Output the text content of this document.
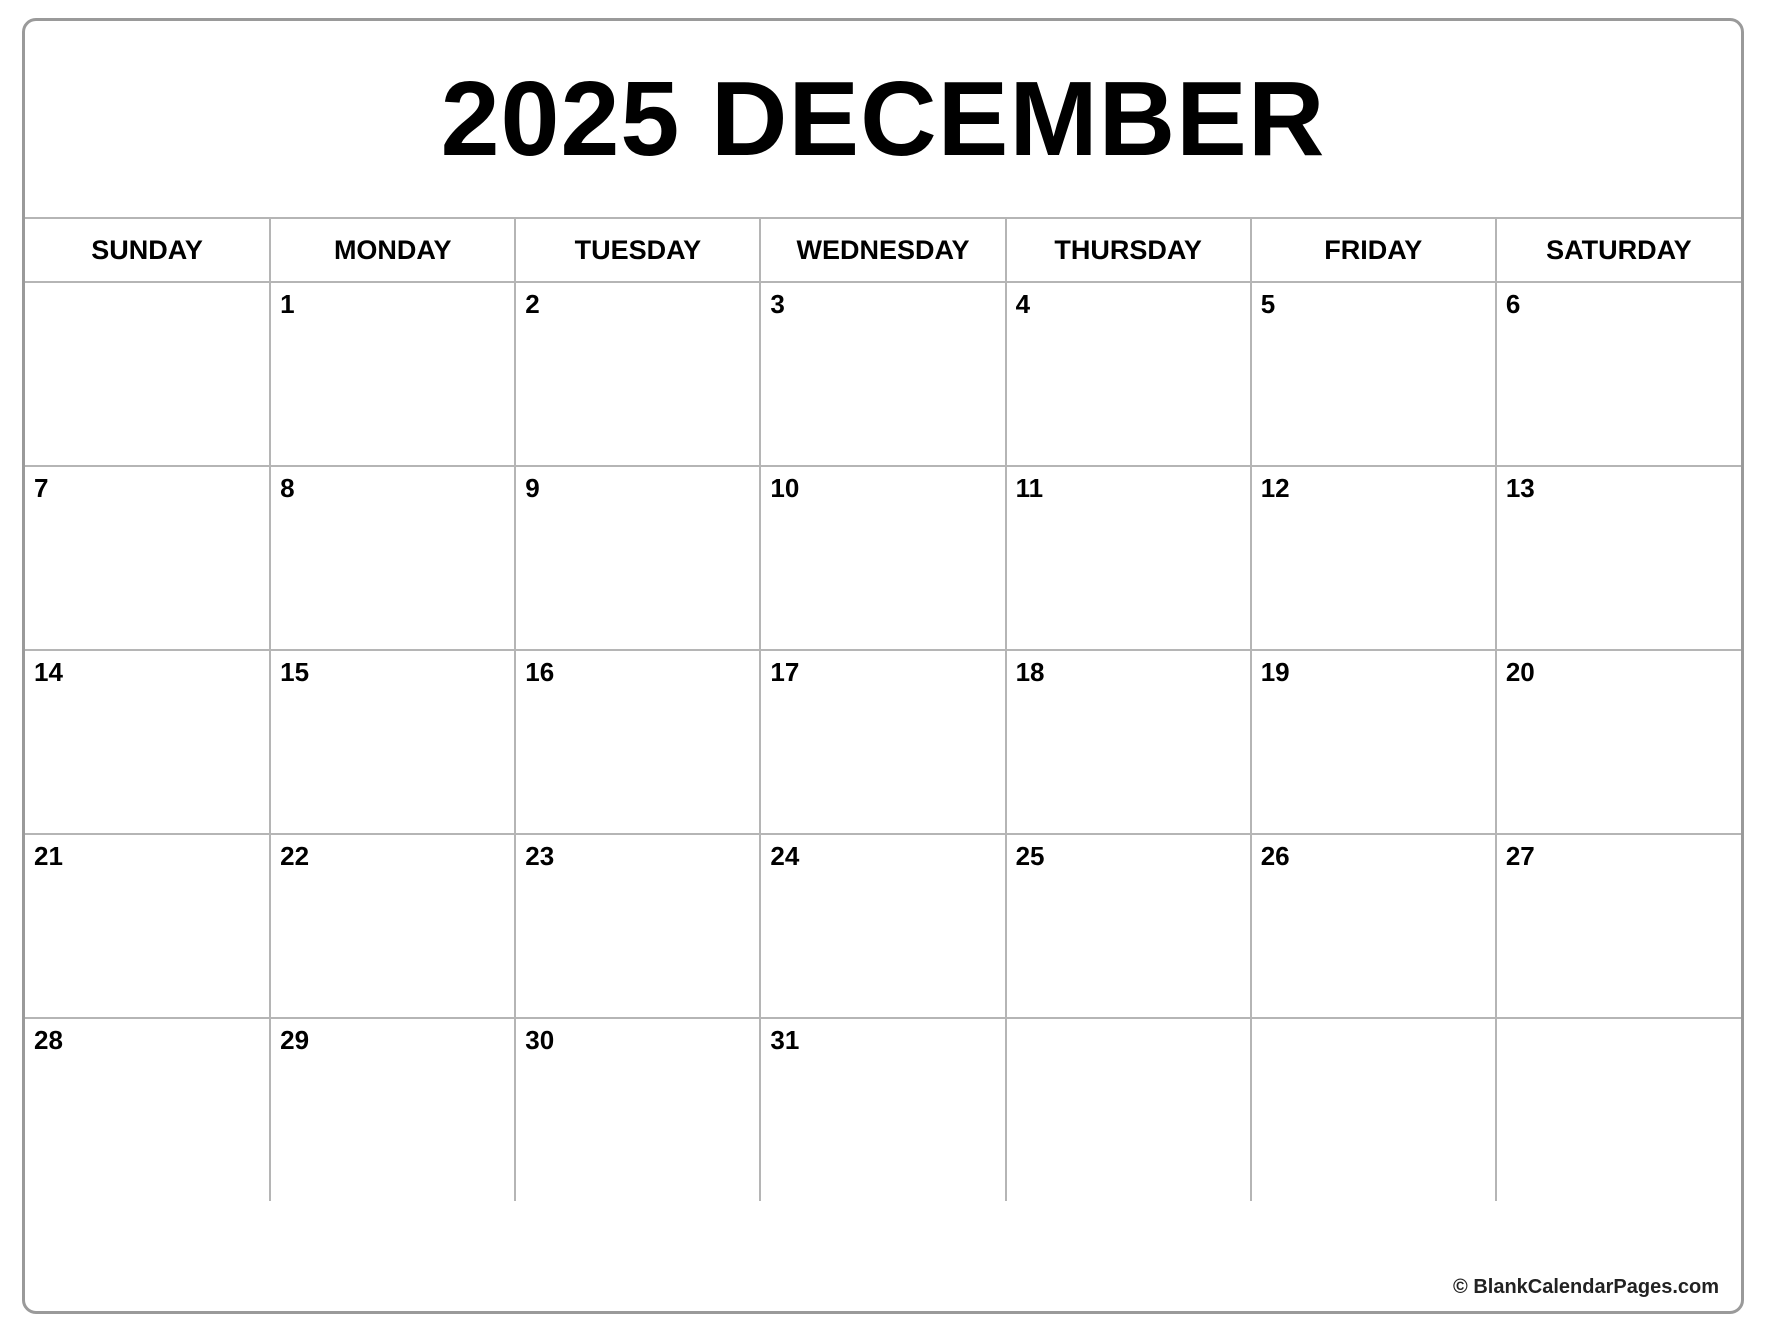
2025 DECEMBER
SUNDAY	MONDAY	TUESDAY	WEDNESDAY	THURSDAY	FRIDAY	SATURDAY

	1	2	3	4	5	6

7	8	9	10	11	12	13

14	15	16	17	18	19	20

21	22	23	24	25	26	27

28	29	30	31			

© BlankCalendarPages.com
